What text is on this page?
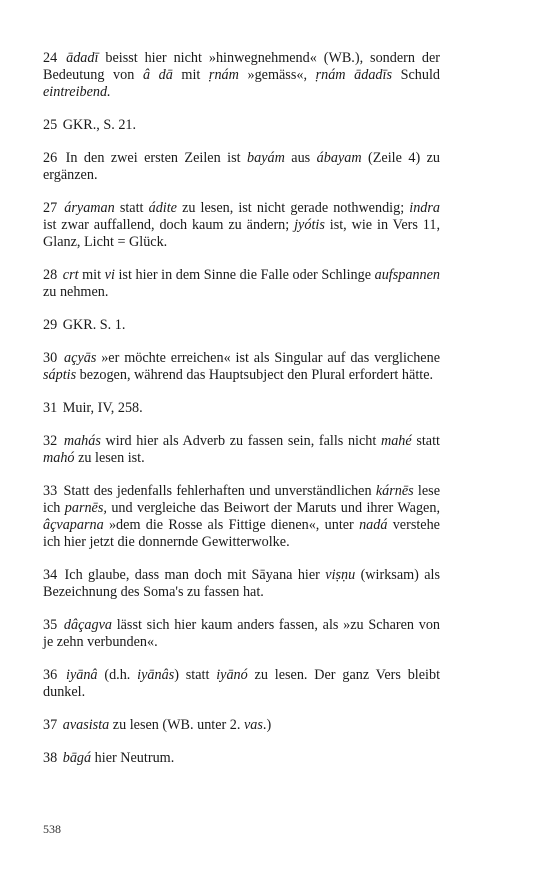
24 ādadī beisst hier nicht »hinwegnehmend« (WB.), sondern der Bedeutung von â dā mit ṛnám »gemäss«, ṛnám ādadīs Schuld eintreibend.

25 GKR., S. 21.

26 In den zwei ersten Zeilen ist bayám aus ábayam (Zeile 4) zu ergänzen.

27 áryaman statt ádite zu lesen, ist nicht gerade nothwendig; indra ist zwar auffallend, doch kaum zu ändern; jyótis ist, wie in Vers 11, Glanz, Licht = Glück.

28 crt mit vi ist hier in dem Sinne die Falle oder Schlinge aufspannen zu nehmen.

29 GKR. S. 1.

30 açyās »er möchte erreichen« ist als Singular auf das verglichene sáptis bezogen, während das Hauptsubject den Plural erfordert hätte.

31 Muir, IV, 258.

32 mahás wird hier als Adverb zu fassen sein, falls nicht mahé statt mahó zu lesen ist.

33 Statt des jedenfalls fehlerhaften und unverständlichen kárnēs lese ich parnēs, und vergleiche das Beiwort der Maruts und ihrer Wagen, âçvaparna »dem die Rosse als Fittige dienen«, unter nadá verstehe ich hier jetzt die donnernde Gewitterwolke.

34 Ich glaube, dass man doch mit Sāyana hier viṣṇu (wirksam) als Bezeichnung des Soma's zu fassen hat.

35 dâçagva lässt sich hier kaum anders fassen, als »zu Scharen von je zehn verbunden«.

36 iyānâ (d.h. iyānâs) statt iyānó zu lesen. Der ganz Vers bleibt dunkel.

37 avasista zu lesen (WB. unter 2. vas.)

38 bāgá hier Neutrum.

538
